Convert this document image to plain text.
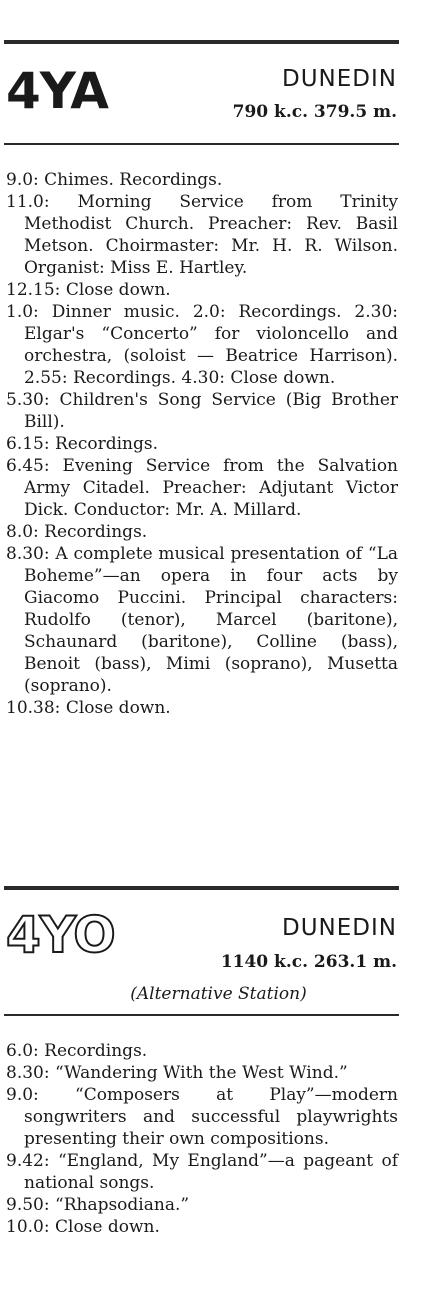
4YA	DUNEDIN
790 k.c. 379.5 m.
9.0: Chimes. Recordings.
11.0: Morning Service from Trinity Methodist Church. Preacher: Rev. Basil Metson. Choirmaster: Mr. H. R. Wilson. Organist: Miss E. Hartley.
12.15: Close down.
1.0: Dinner music. 2.0: Recordings. 2.30: Elgar's “Concerto” for violoncello and orchestra, (soloist — Beatrice Harrison). 2.55: Recordings. 4.30: Close down.
5.30: Children's Song Service (Big Brother Bill).
6.15: Recordings.
6.45: Evening Service from the Salvation Army Citadel. Preacher: Adjutant Victor Dick. Conductor: Mr. A. Millard.
8.0: Recordings.
8.30: A complete musical presentation of “La Boheme”—an opera in four acts by Giacomo Puccini. Principal characters: Rudolfo (tenor), Marcel (baritone), Schaunard (baritone), Colline (bass), Benoit (bass), Mimi (soprano), Musetta (soprano).
10.38: Close down.
4YO	DUNEDIN
1140 k.c. 263.1 m.
(Alternative Station)
6.0: Recordings.
8.30: “Wandering With the West Wind.”
9.0: “Composers at Play”—modern songwriters and successful playwrights presenting their own compositions.
9.42: “England, My England”—a pageant of national songs.
9.50: “Rhapsodiana.”
10.0: Close down.
